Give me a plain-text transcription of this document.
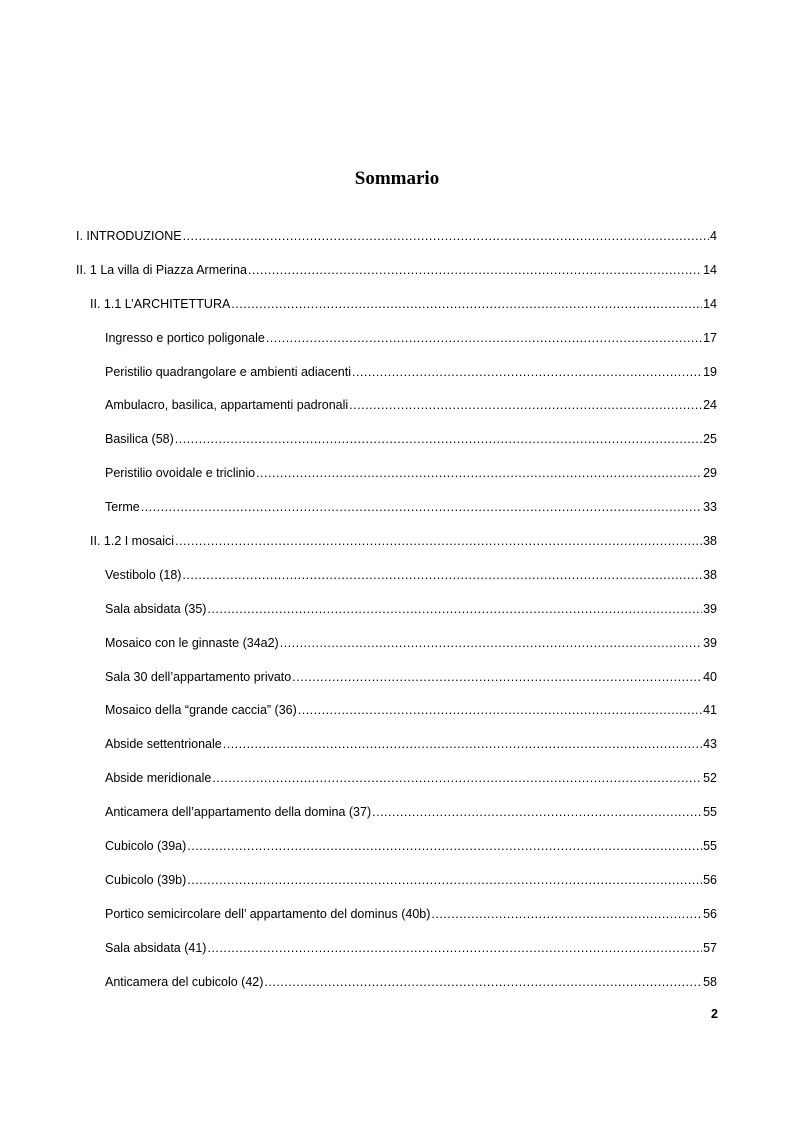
Sommario
I. INTRODUZIONE .....	4
II. 1 La villa di Piazza Armerina .....	14
II. 1.1 L’ARCHITETTURA .....	14
Ingresso e portico poligonale .....	17
Peristilio quadrangolare e ambienti adiacenti .....	19
Ambulacro, basilica, appartamenti padronali .....	24
Basilica (58) .....	25
Peristilio ovoidale e triclinio .....	29
Terme .....	33
II. 1.2 I mosaici .....	38
Vestibolo (18) .....	38
Sala absidata (35) .....	39
Mosaico con le ginnaste (34a2) .....	39
Sala 30 dell’appartamento privato .....	40
Mosaico della “grande caccia” (36) .....	41
Abside settentrionale .....	43
Abside meridionale .....	52
Anticamera dell’appartamento della domina (37) .....	55
Cubicolo (39a) .....	55
Cubicolo (39b) .....	56
Portico semicircolare dell’ appartamento del dominus (40b) .....	56
Sala absidata (41) .....	57
Anticamera del cubicolo (42) .....	58
2
